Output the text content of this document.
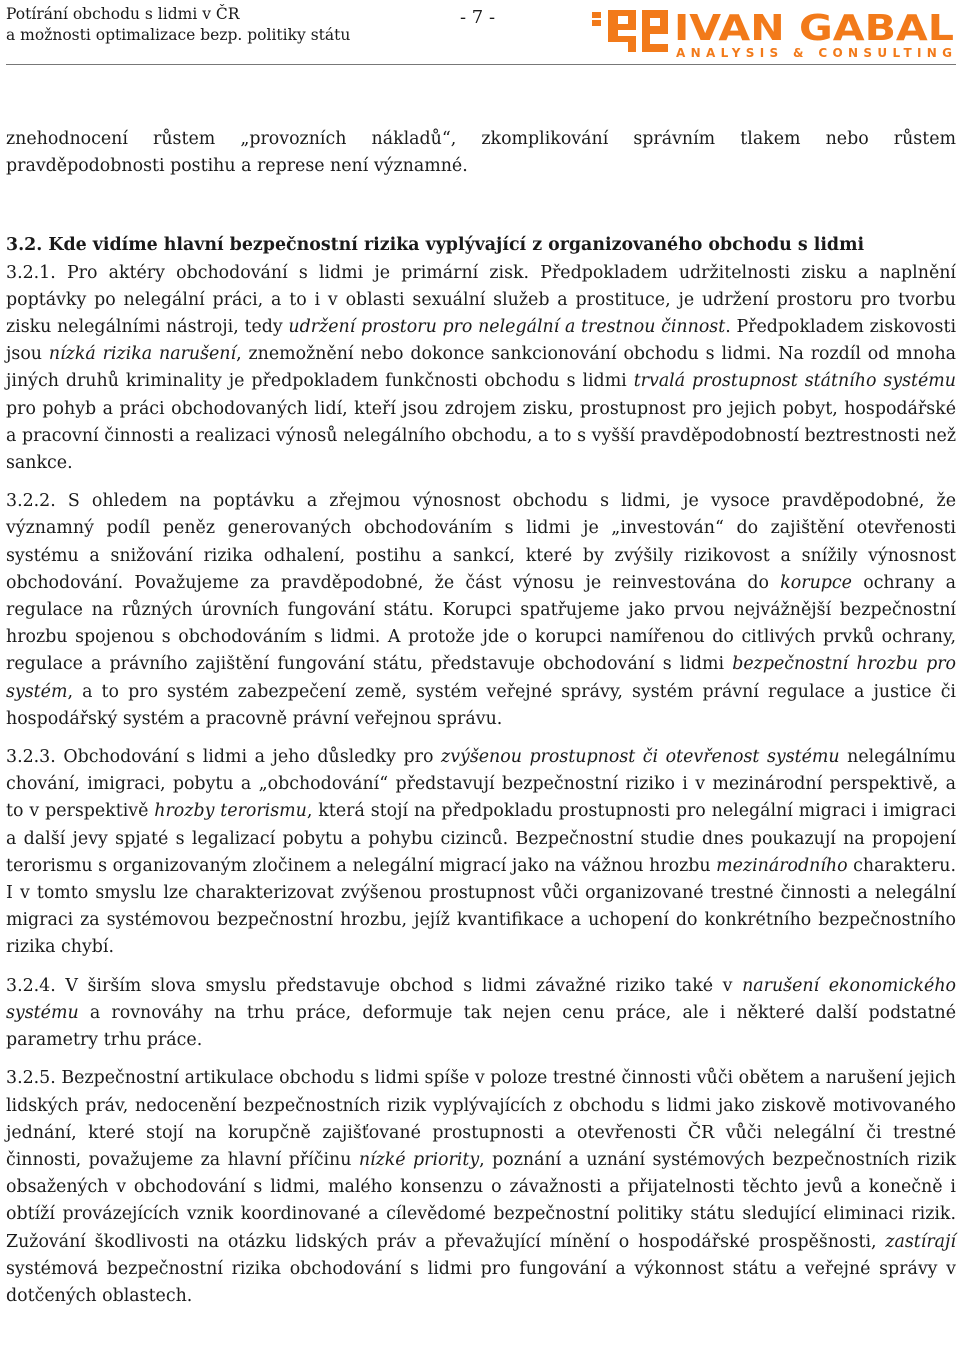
Potírání obchodu s lidmi v ČR
a možnosti optimalizace bezp. politiky státu
- 7 -	IVAN GABAL
ANALYSIS & CONSULTING

znehodnocení růstem „provozních nákladů“, zkomplikování správním tlakem nebo růstem pravděpodobnosti postihu a represe není významné.

3.2. Kde vidíme hlavní bezpečnostní rizika vyplývající z organizovaného obchodu s lidmi

3.2.1. Pro aktéry obchodování s lidmi je primární zisk. Předpokladem udržitelnosti zisku a naplnění poptávky po nelegální práci, a to i v oblasti sexuální služeb a prostituce, je udržení prostoru pro tvorbu zisku nelegálními nástroji, tedy udržení prostoru pro nelegální a trestnou činnost. Předpokladem ziskovosti jsou nízká rizika narušení, znemožnění nebo dokonce sankcionování obchodu s lidmi. Na rozdíl od mnoha jiných druhů kriminality je předpokladem funkčnosti obchodu s lidmi trvalá prostupnost státního systému pro pohyb a práci obchodovaných lidí, kteří jsou zdrojem zisku, prostupnost pro jejich pobyt, hospodářské a pracovní činnosti a realizaci výnosů nelegálního obchodu, a to s vyšší pravděpodobností beztrestnosti než sankce.

3.2.2. S ohledem na poptávku a zřejmou výnosnost obchodu s lidmi, je vysoce pravděpodobné, že významný podíl peněz generovaných obchodováním s lidmi je „investován“ do zajištění otevřenosti systému a snižování rizika odhalení, postihu a sankcí, které by zvýšily rizikovost a snížily výnosnost obchodování. Považujeme za pravděpodobné, že část výnosu je reinvestována do korupce ochrany a regulace na různých úrovních fungování státu. Korupci spatřujeme jako prvou nejvážnější bezpečnostní hrozbu spojenou s obchodováním s lidmi. A protože jde o korupci namířenou do citlivých prvků ochrany, regulace a právního zajištění fungování státu, představuje obchodování s lidmi bezpečnostní hrozbu pro systém, a to pro systém zabezpečení země, systém veřejné správy, systém právní regulace a justice či hospodářský systém a pracovně právní veřejnou správu.

3.2.3. Obchodování s lidmi a jeho důsledky pro zvýšenou prostupnost či otevřenost systému nelegálnímu chování, imigraci, pobytu a „obchodování“ představují bezpečnostní riziko i v mezinárodní perspektivě, a to v perspektivě hrozby terorismu, která stojí na předpokladu prostupnosti pro nelegální migraci i imigraci a další jevy spjaté s legalizací pobytu a pohybu cizinců. Bezpečnostní studie dnes poukazují na propojení terorismu s organizovaným zločinem a nelegální migrací jako na vážnou hrozbu mezinárodního charakteru. I v tomto smyslu lze charakterizovat zvýšenou prostupnost vůči organizované trestné činnosti a nelegální migraci za systémovou bezpečnostní hrozbu, jejíž kvantifikace a uchopení do konkrétního bezpečnostního rizika chybí.

3.2.4. V širším slova smyslu představuje obchod s lidmi závažné riziko také v narušení ekonomického systému a rovnováhy na trhu práce, deformuje tak nejen cenu práce, ale i některé další podstatné parametry trhu práce.

3.2.5. Bezpečnostní artikulace obchodu s lidmi spíše v poloze trestné činnosti vůči obětem a narušení jejich lidských práv, nedocenění bezpečnostních rizik vyplývajících z obchodu s lidmi jako ziskově motivovaného jednání, které stojí na korupčně zajišťované prostupnosti a otevřenosti ČR vůči nelegální či trestné činnosti, považujeme za hlavní příčinu nízké priority, poznání a uznání systémových bezpečnostních rizik obsažených v obchodování s lidmi, malého konsenzu o závažnosti a přijatelnosti těchto jevů a konečně i obtíží provázejících vznik koordinované a cílevědomé bezpečnostní politiky státu sledující eliminaci rizik. Zužování škodlivosti na otázku lidských práv a převažující mínění o hospodářské prospěšnosti, zastírají systémová bezpečnostní rizika obchodování s lidmi pro fungování a výkonnost státu a veřejné správy v dotčených oblastech.
